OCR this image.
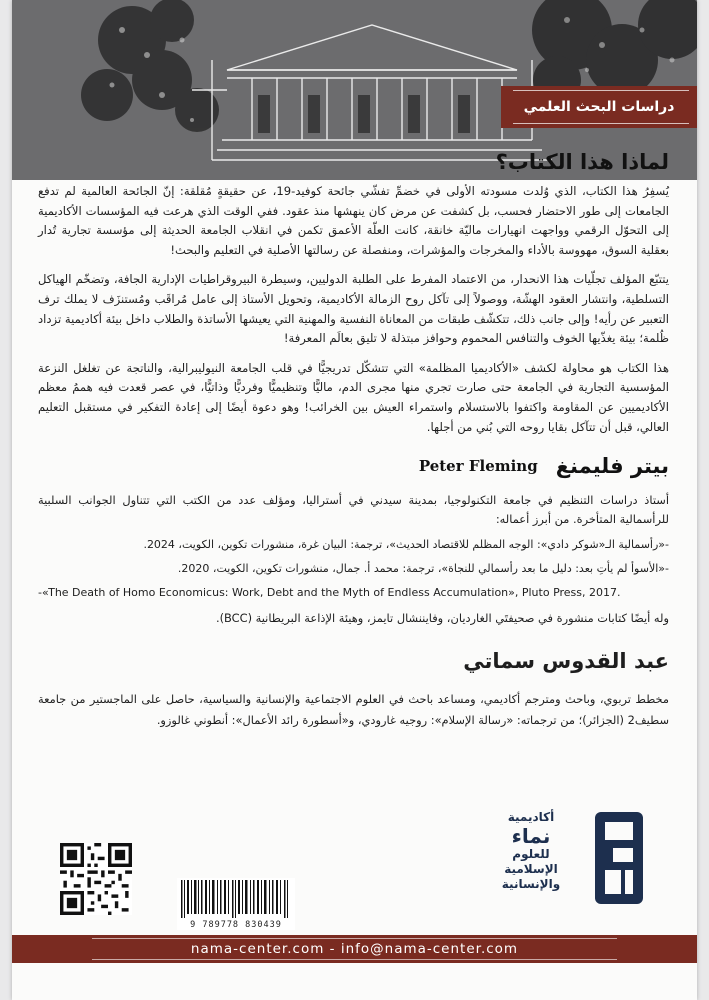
دراسات البحث العلمي
لماذا هذا الكتاب؟

يُسفِرُ هذا الكتاب، الذي وُلدت مسودته الأولى في خضمِّ تفشّي جائحة كوفيد-19، عن حقيقةٍ مُقلقة: إنّ الجائحة العالمية لم تدفع الجامعات إلى طور الاحتضار فحسب، بل كشفت عن مرض كان ينهشها منذ عقود. ففي الوقت الذي هرعت فيه المؤسسات الأكاديمية إلى التحوّل الرقمي وواجهت انهيارات ماليّة خانقة، كانت العلّة الأعمق تكمن في انقلاب الجامعة الحديثة إلى مؤسسة تجارية تُدار بعقلية السوق، مهووسة بالأداء والمخرجات والمؤشرات، ومنفصلة عن رسالتها الأصلية في التعليم والبحث!

يتتبّع المؤلف تجلّيات هذا الانحدار، من الاعتماد المفرط على الطلبة الدوليين، وسيطرة البيروقراطيات الإدارية الجافة، وتضخّم الهياكل التسلطية، وانتشار العقود الهشّة، ووصولاً إلى تآكل روح الزمالة الأكاديمية، وتحويل الأستاذ إلى عامل مُراقَب ومُستنزَف لا يملك ترف التعبير عن رأيه! وإلى جانب ذلك، تتكشّف طبقات من المعاناة النفسية والمهنية التي يعيشها الأساتذة والطلاب داخل بيئة أكاديمية تزداد ظُلمة؛ بيئة يغذّيها الخوف والتنافس المحموم وحوافز مبتذلة لا تليق بعالَم المعرفة!

هذا الكتاب هو محاولة لكشف «الأكاديميا المظلمة» التي تتشكّل تدريجيًّا في قلب الجامعة النيوليبرالية، والناتجة عن تغلغل النزعة المؤسسية التجارية في الجامعة حتى صارت تجري منها مجرى الدم، ماليًّا وتنظيميًّا وفرديًّا وذاتيًّا، في عصر قعدت فيه هممُ معظم الأكاديميين عن المقاومة واكتفوا بالاستسلام واستمراء العيش بين الخرائب! وهو دعوة أيضًا إلى إعادة التفكير في مستقبل التعليم العالي، قبل أن تتآكل بقايا روحه التي بُني من أجلها.

بيتر فليمنغ
Peter Fleming

أستاذ دراسات التنظيم في جامعة التكنولوجيا، بمدينة سيدني في أستراليا، ومؤلف عدد من الكتب التي تتناول الجوانب السلبية للرأسمالية المتأخرة. من أبرز أعماله:

-«رأسمالية الـ«شوكر دادي»: الوجه المظلم للاقتصاد الحديث»، ترجمة: البيان غرة، منشورات تكوين، الكويت، 2024.
-«الأسوأ لم يأتِ بعد: دليل ما بعد رأسمالي للنجاة»، ترجمة: محمد أ. جمال، منشورات تكوين، الكويت، 2020.
-«The Death of Homo Economicus: Work, Debt and the Myth of Endless Accumulation», Pluto Press, 2017.

وله أيضًا كتابات منشورة في صحيفتَي الغارديان، وفايننشال تايمز، وهيئة الإذاعة البريطانية (BCC).

عبد القدوس سماتي

مخطط تربوي، وباحث ومترجم أكاديمي، ومساعد باحث في العلوم الاجتماعية والإنسانية والسياسية، حاصل على الماجستير من جامعة سطيف2 (الجزائر)؛ من ترجماته: «رسالة الإسلام»: روجيه غارودي، و«أسطورة رائد الأعمال»: أنطوني غالوزو.

أكاديمية
نماء
للعلوم
الإسلامية
والإنسانية
9 789778 830439
nama-center.com - info@nama-center.com
